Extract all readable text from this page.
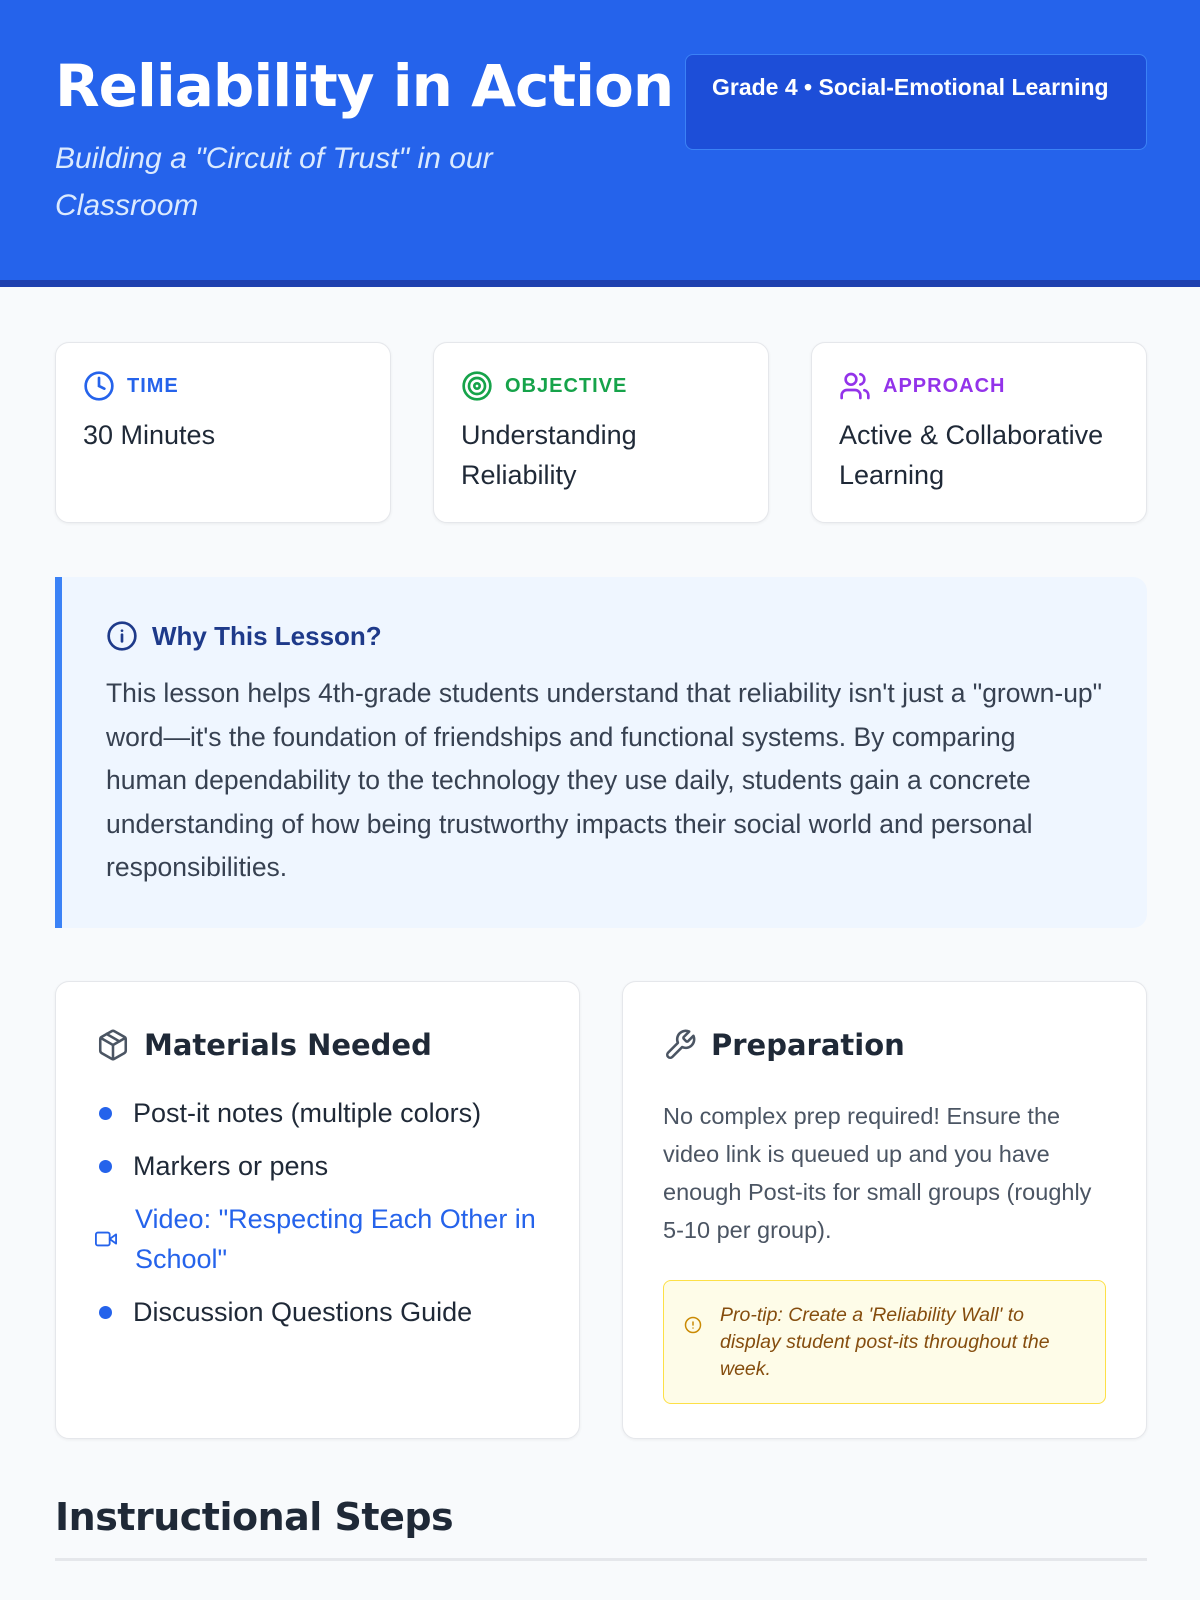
Reliability in Action

Building a "Circuit of Trust" in our Classroom

Grade 4 • Social-Emotional Learning
TIME
30 Minutes
OBJECTIVE
Understanding Reliability
APPROACH
Active & Collaborative Learning
Why This Lesson?

This lesson helps 4th-grade students understand that reliability isn't just a "grown-up" word—it's the foundation of friendships and functional systems. By comparing human dependability to the technology they use daily, students gain a concrete understanding of how being trustworthy impacts their social world and personal responsibilities.

Materials Needed
Post-it notes (multiple colors)
Markers or pens
Video: "Respecting Each Other in School"
Discussion Questions Guide
Preparation

No complex prep required! Ensure the video link is queued up and you have enough Post-its for small groups (roughly 5-10 per group).

Pro-tip: Create a 'Reliability Wall' to display student post-its throughout the week.

Instructional Steps
